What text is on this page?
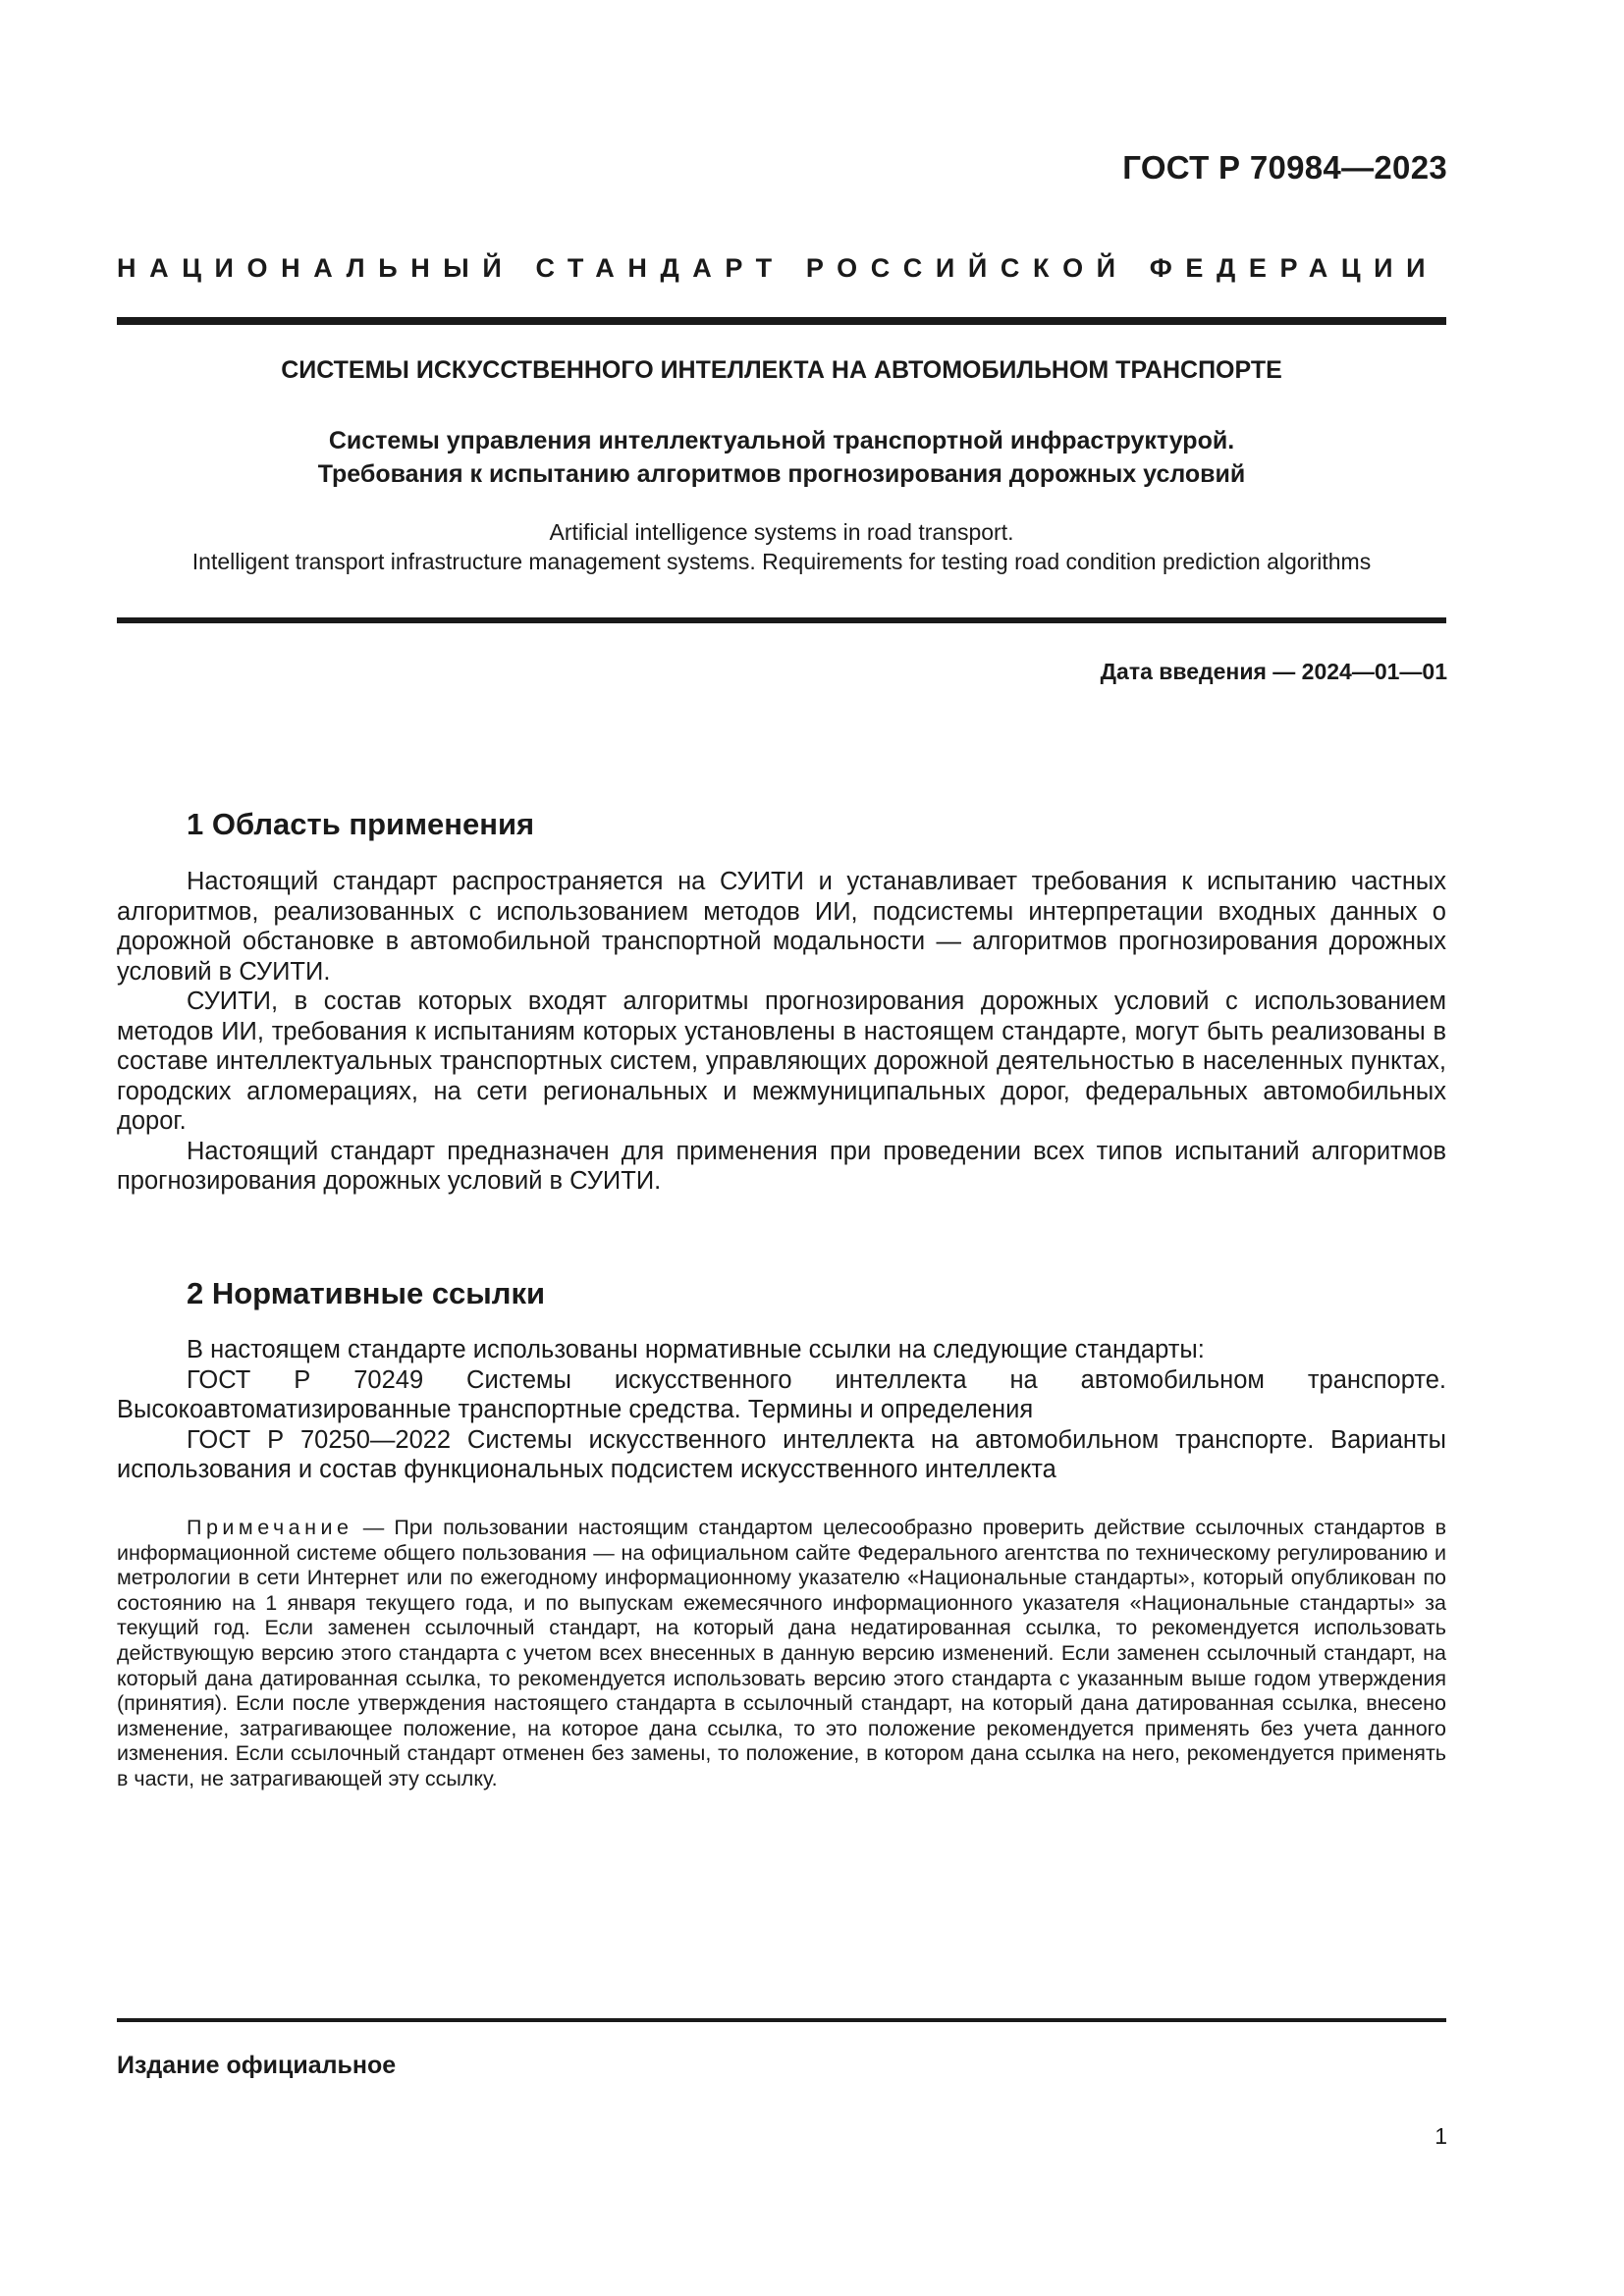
ГОСТ Р 70984—2023
НАЦИОНАЛЬНЫЙ СТАНДАРТ РОССИЙСКОЙ ФЕДЕРАЦИИ
СИСТЕМЫ ИСКУССТВЕННОГО ИНТЕЛЛЕКТА НА АВТОМОБИЛЬНОМ ТРАНСПОРТЕ
Системы управления интеллектуальной транспортной инфраструктурой.
Требования к испытанию алгоритмов прогнозирования дорожных условий
Artificial intelligence systems in road transport.
Intelligent transport infrastructure management systems. Requirements for testing road condition prediction algorithms
Дата введения — 2024—01—01
1 Область применения

Настоящий стандарт распространяется на СУИТИ и устанавливает требования к испытанию частных алгоритмов, реализованных с использованием методов ИИ, подсистемы интерпретации входных данных о дорожной обстановке в автомобильной транспортной модальности — алгоритмов прогнозирования дорожных условий в СУИТИ.

СУИТИ, в состав которых входят алгоритмы прогнозирования дорожных условий с использованием методов ИИ, требования к испытаниям которых установлены в настоящем стандарте, могут быть реализованы в составе интеллектуальных транспортных систем, управляющих дорожной деятельностью в населенных пунктах, городских агломерациях, на сети региональных и межмуниципальных дорог, федеральных автомобильных дорог.

Настоящий стандарт предназначен для применения при проведении всех типов испытаний алгоритмов прогнозирования дорожных условий в СУИТИ.

2 Нормативные ссылки

В настоящем стандарте использованы нормативные ссылки на следующие стандарты:

ГОСТ Р 70249 Системы искусственного интеллекта на автомобильном транспорте. Высокоавтоматизированные транспортные средства. Термины и определения

ГОСТ Р 70250—2022 Системы искусственного интеллекта на автомобильном транспорте. Варианты использования и состав функциональных подсистем искусственного интеллекта

Примечание — При пользовании настоящим стандартом целесообразно проверить действие ссылочных стандартов в информационной системе общего пользования — на официальном сайте Федерального агентства по техническому регулированию и метрологии в сети Интернет или по ежегодному информационному указателю «Национальные стандарты», который опубликован по состоянию на 1 января текущего года, и по выпускам ежемесячного информационного указателя «Национальные стандарты» за текущий год. Если заменен ссылочный стандарт, на который дана недатированная ссылка, то рекомендуется использовать действующую версию этого стандарта с учетом всех внесенных в данную версию изменений. Если заменен ссылочный стандарт, на который дана датированная ссылка, то рекомендуется использовать версию этого стандарта с указанным выше годом утверждения (принятия). Если после утверждения настоящего стандарта в ссылочный стандарт, на который дана датированная ссылка, внесено изменение, затрагивающее положение, на которое дана ссылка, то это положение рекомендуется применять без учета данного изменения. Если ссылочный стандарт отменен без замены, то положение, в котором дана ссылка на него, рекомендуется применять в части, не затрагивающей эту ссылку.

Издание официальное
1
